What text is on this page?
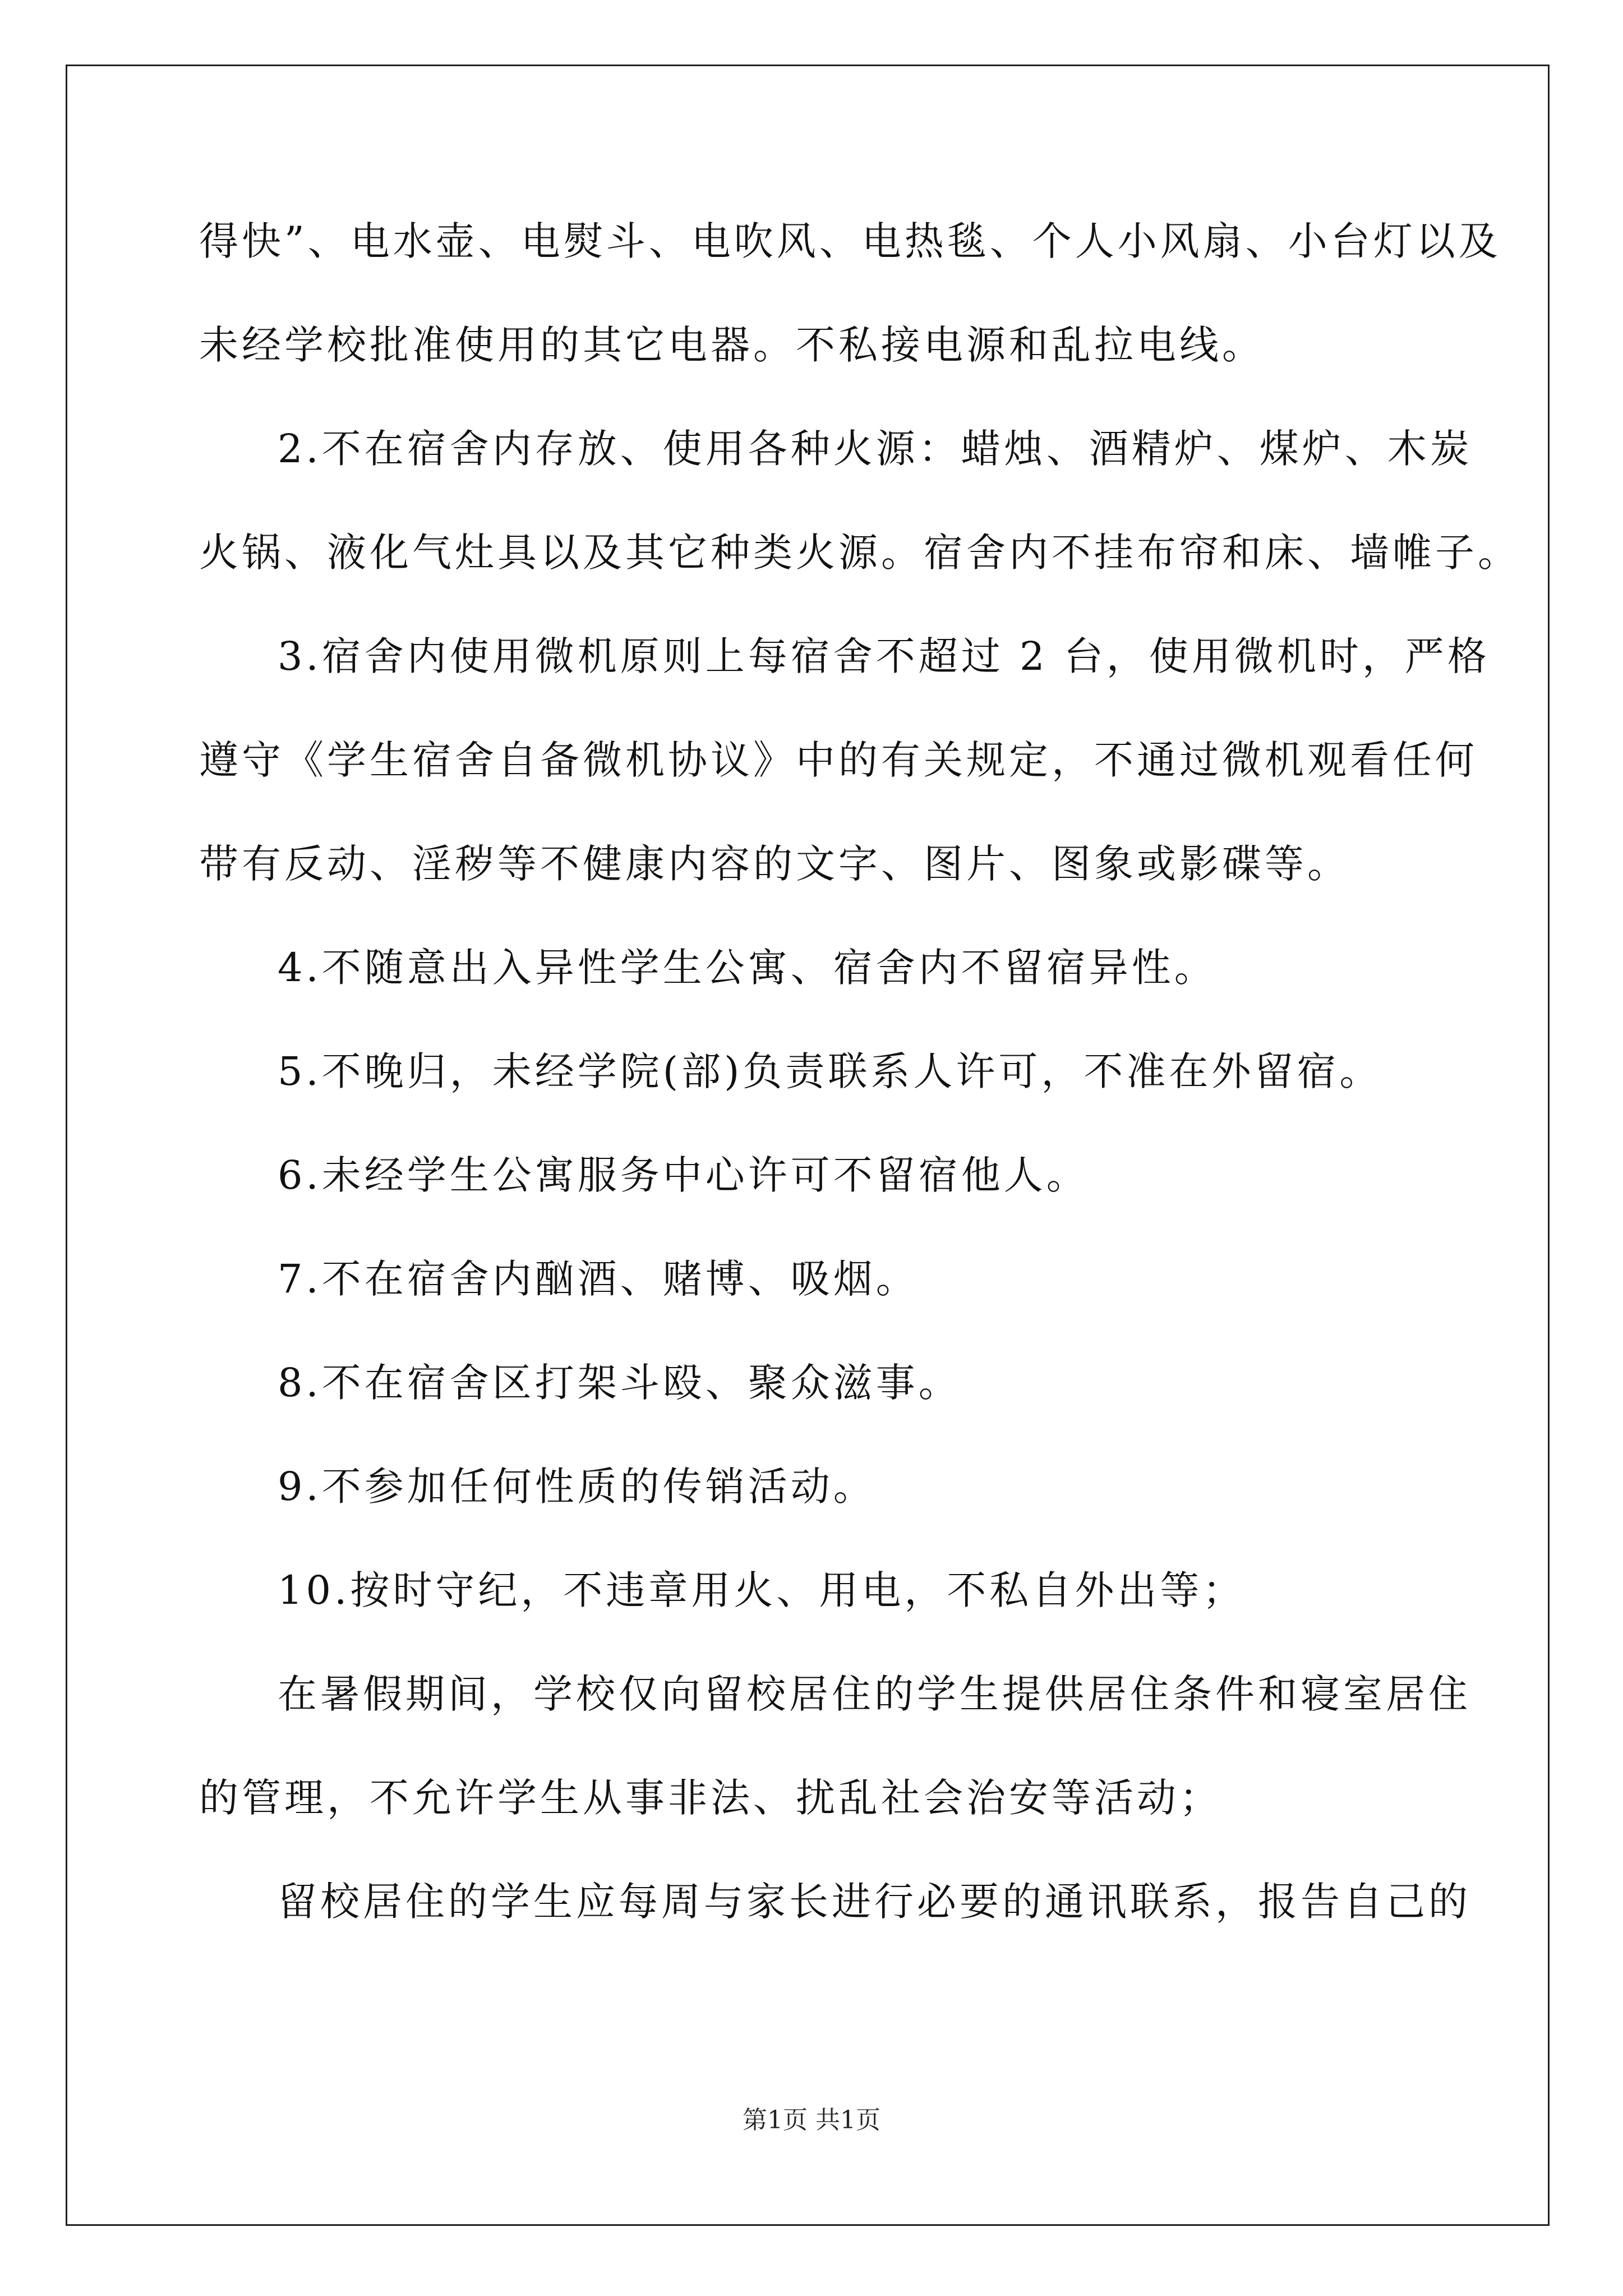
得快”、电水壶、电熨斗、电吹风、电热毯、个人小风扇、小台灯以及
未经学校批准使用的其它电器。不私接电源和乱拉电线。
2.不在宿舍内存放、使用各种火源：蜡烛、酒精炉、煤炉、木炭
火锅、液化气灶具以及其它种类火源。宿舍内不挂布帘和床、墙帷子。
3.宿舍内使用微机原则上每宿舍不超过 2 台，使用微机时，严格
遵守《学生宿舍自备微机协议》中的有关规定，不通过微机观看任何
带有反动、淫秽等不健康内容的文字、图片、图象或影碟等。
4.不随意出入异性学生公寓、宿舍内不留宿异性。
5.不晚归，未经学院(部)负责联系人许可，不准在外留宿。
6.未经学生公寓服务中心许可不留宿他人。
7.不在宿舍内酗酒、赌博、吸烟。
8.不在宿舍区打架斗殴、聚众滋事。
9.不参加任何性质的传销活动。
10.按时守纪，不违章用火、用电，不私自外出等；
在暑假期间，学校仅向留校居住的学生提供居住条件和寝室居住
的管理，不允许学生从事非法、扰乱社会治安等活动；
留校居住的学生应每周与家长进行必要的通讯联系，报告自己的
第1页 共1页
